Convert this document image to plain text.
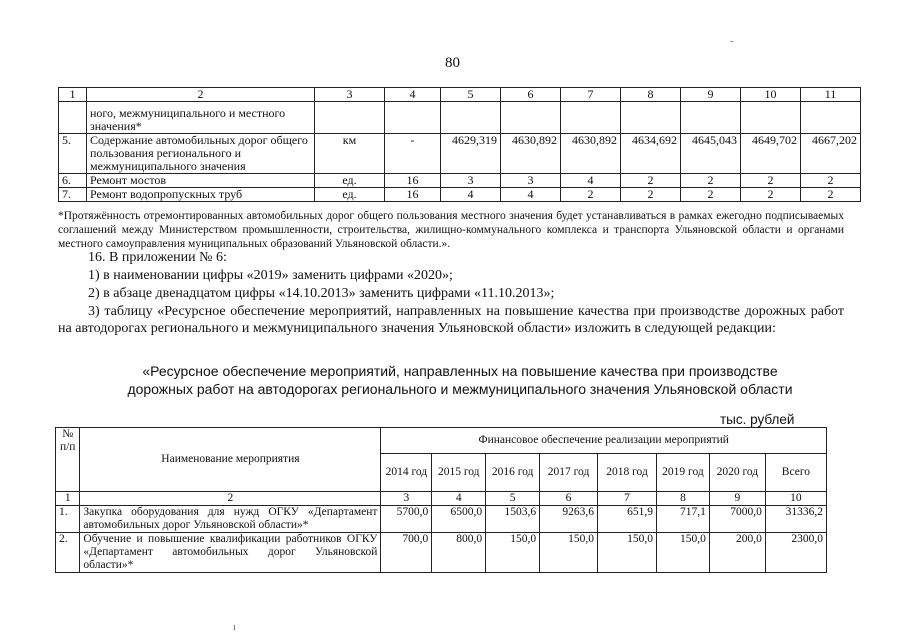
80
1	2	3	4	5	6	7	8	9	10	11
	ного, межмуниципального и местного значения*									
5.	Содержание автомобильных дорог общего пользования регионального и межмуниципального значения	км	-	4629,319	4630,892	4630,892	4634,692	4645,043	4649,702	4667,202
6.	Ремонт мостов	ед.	16	3	3	4	2	2	2	2
7.	Ремонт водопропускных труб	ед.	16	4	4	2	2	2	2	2
*Протяжённость отремонтированных автомобильных дорог общего пользования местного значения будет устанавливаться в рамках ежегодно подписываемых соглашений между Министерством промышленности, строительства, жилищно-коммунального комплекса и транспорта Ульяновской области и органами местного самоуправления муниципальных образований Ульяновской области.».
16. В приложении № 6:
1) в наименовании цифры «2019» заменить цифрами «2020»;
2) в абзаце двенадцатом цифры «14.10.2013» заменить цифрами «11.10.2013»;
3) таблицу «Ресурсное обеспечение мероприятий, направленных на повышение качества при производстве дорожных работ на автодорогах регионального и межмуниципального значения Ульяновской области» изложить в следующей редакции:
«Ресурсное обеспечение мероприятий, направленных на повышение качества при производстве
дорожных работ на автодорогах регионального и межмуниципального значения Ульяновской области
тыс. рублей
№ п/п	Наименование мероприятия	Финансовое обеспечение реализации мероприятий							
		2014 год	2015 год	2016 год	2017 год	2018 год	2019 год	2020 год	Всего
1	2	3	4	5	6	7	8	9	10
1.	Закупка оборудования для нужд ОГКУ «Департамент автомобильных дорог Ульяновской области»*	5700,0	6500,0	1503,6	9263,6	651,9	717,1	7000,0	31336,2
2.	Обучение и повышение квалификации работников ОГКУ «Департамент автомобильных дорог Ульяновской области»*	700,0	800,0	150,0	150,0	150,0	150,0	200,0	2300,0
-
ı
